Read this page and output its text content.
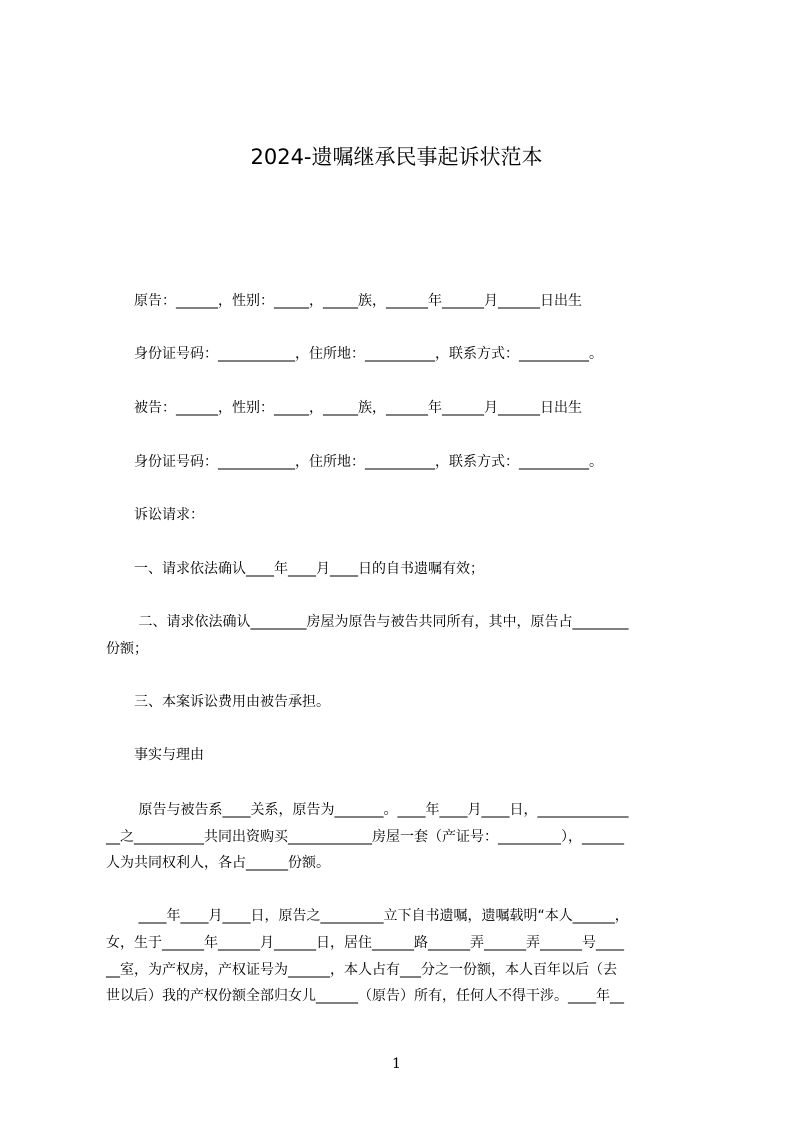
2024-遗嘱继承民事起诉状范本

　　原告：______，性别：_____，_____族，______年______月______日出生

　　身份证号码：___________，住所地：__________，联系方式：__________。

　　被告：______，性别：_____，_____族，______年______月______日出生

　　身份证号码：___________，住所地：__________，联系方式：__________。

　　诉讼请求：

　　一、请求依法确认____年____月____日的自书遗嘱有效；

　　 二、请求依法确认________房屋为原告与被告共同所有，其中，原告占________

份额；

　　三、本案诉讼费用由被告承担。

　　事实与理由

　　 原告与被告系____关系，原告为_______。____年____月____日，_____________

__之__________共同出资购买____________房屋一套（产证号：_________），______

人为共同权利人，各占______份额。

　　 ____年____月____日，原告之_________立下自书遗嘱，遗嘱载明“本人______，

女，生于______年______月______日，居住______路______弄______弄______号____

__室，为产权房，产权证号为______，本人占有___分之一份额，本人百年以后（去

世以后）我的产权份额全部归女儿______（原告）所有，任何人不得干涉。____年__

1
